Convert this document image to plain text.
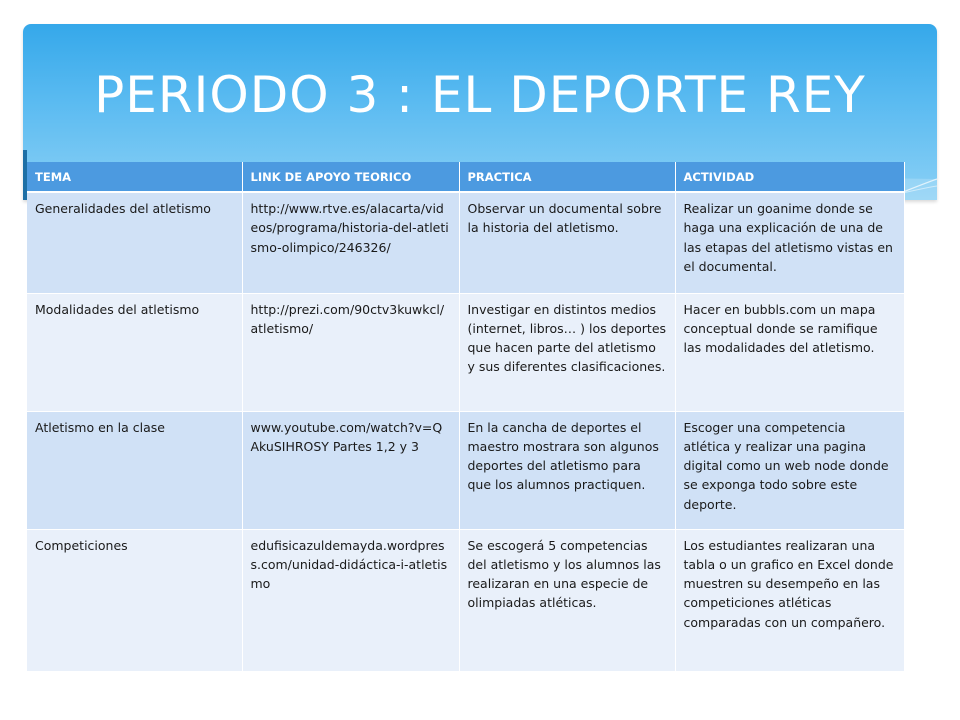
PERIODO 3 : EL DEPORTE REY
TEMA	LINK DE APOYO TEORICO	PRACTICA	ACTIVIDAD
Generalidades del atletismo	http://www.rtve.es/alacarta/videos/programa/historia-del-atletismo-olimpico/246326/	Observar un documental sobre la historia del atletismo.	Realizar un goanime donde se haga una explicación de una de las etapas del atletismo vistas en el documental.
Modalidades del atletismo	http://prezi.com/90ctv3kuwkcl/atletismo/	Investigar en distintos medios (internet, libros… ) los deportes que hacen parte del atletismo y sus diferentes clasificaciones.	Hacer en bubbls.com un mapa conceptual donde se ramifique las modalidades del atletismo.
Atletismo en la clase	www.youtube.com/watch?v=QAkuSIHROSY Partes 1,2 y 3	En la cancha de deportes el maestro mostrara son algunos deportes del atletismo para que los alumnos practiquen.	Escoger una competencia atlética y realizar una pagina digital como un web node donde se exponga todo sobre este deporte.
Competiciones	edufisicazuldemayda.wordpress.com/unidad-didáctica-i-atletismo	Se escogerá 5 competencias del atletismo y los alumnos las realizaran en una especie de olimpiadas atléticas.	Los estudiantes realizaran una tabla o un grafico en Excel donde muestren su desempeño en las competiciones atléticas comparadas con un compañero.
